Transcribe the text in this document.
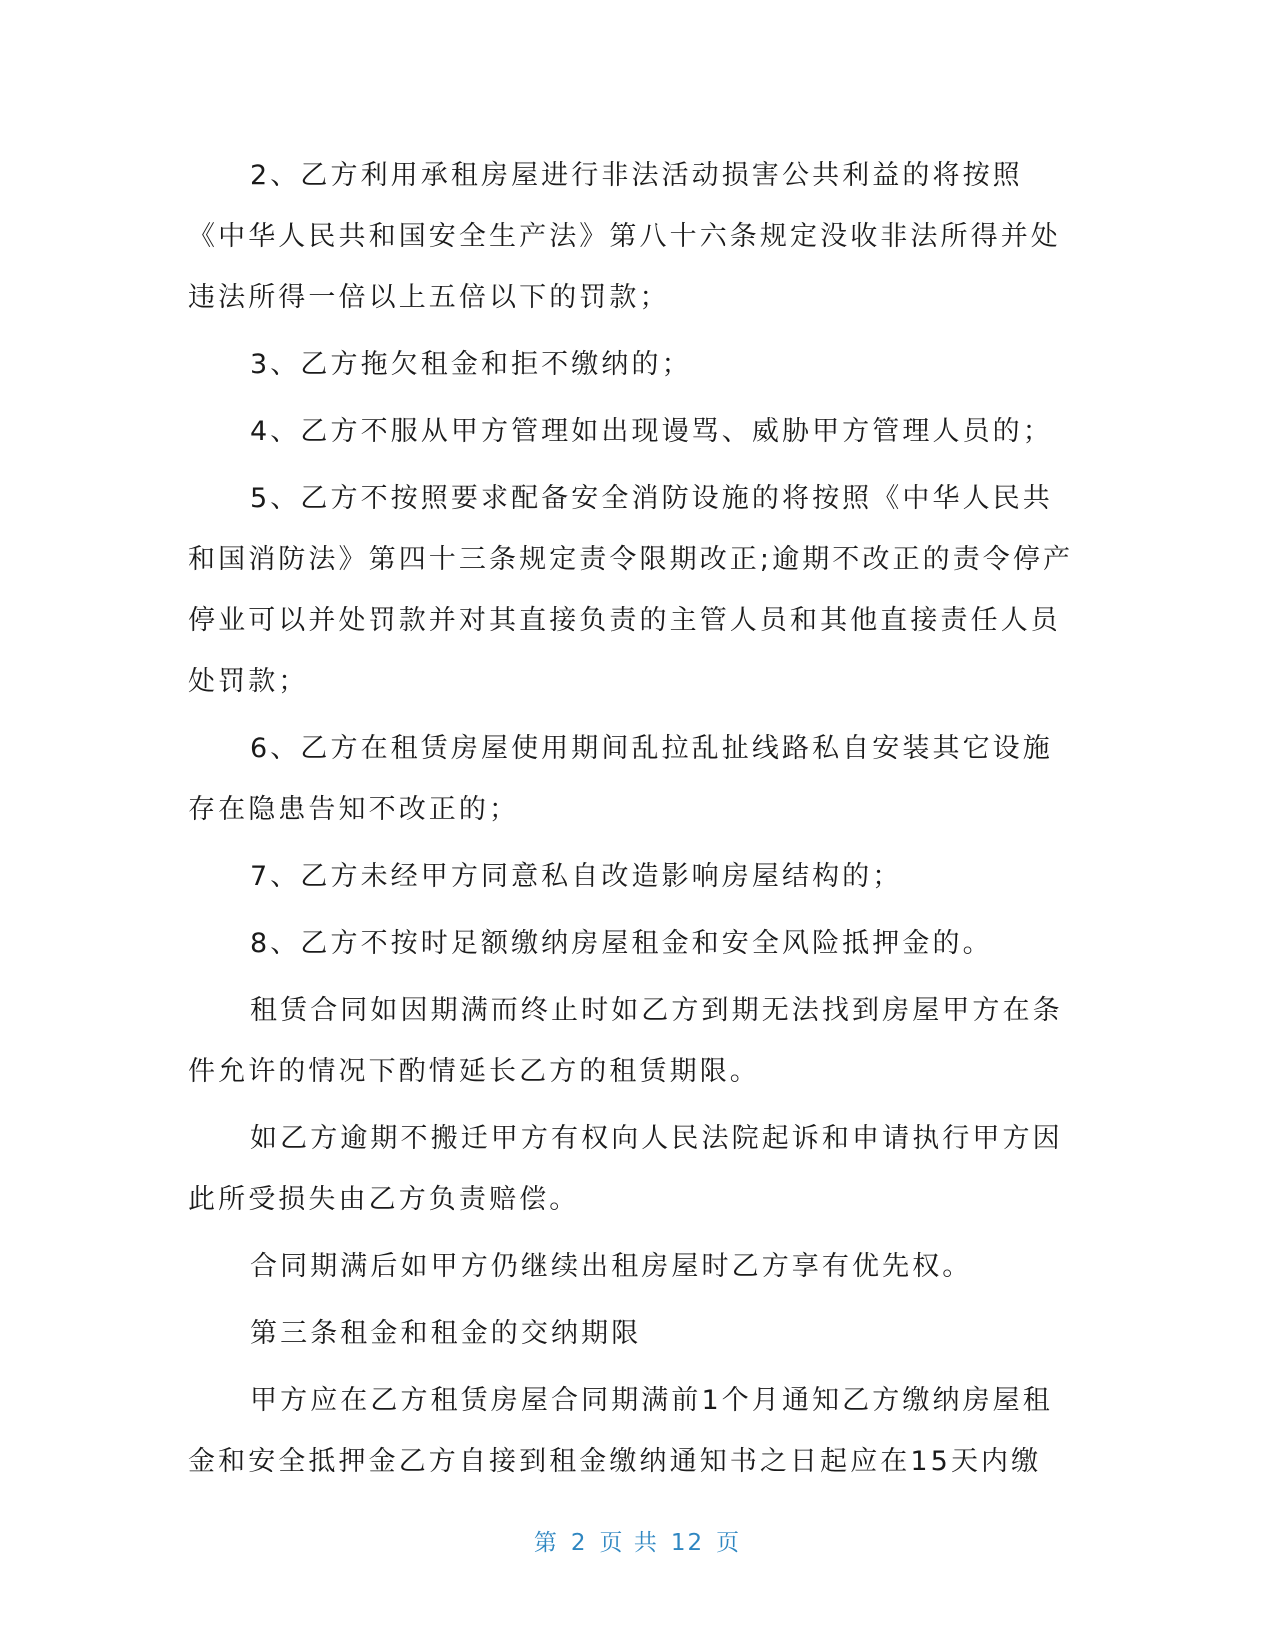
2、乙方利用承租房屋进行非法活动损害公共利益的将按照《中华人民共和国安全生产法》第八十六条规定没收非法所得并处违法所得一倍以上五倍以下的罚款；

3、乙方拖欠租金和拒不缴纳的；

4、乙方不服从甲方管理如出现谩骂、威胁甲方管理人员的；

5、乙方不按照要求配备安全消防设施的将按照《中华人民共和国消防法》第四十三条规定责令限期改正;逾期不改正的责令停产停业可以并处罚款并对其直接负责的主管人员和其他直接责任人员处罚款；

6、乙方在租赁房屋使用期间乱拉乱扯线路私自安装其它设施存在隐患告知不改正的；

7、乙方未经甲方同意私自改造影响房屋结构的；

8、乙方不按时足额缴纳房屋租金和安全风险抵押金的。

租赁合同如因期满而终止时如乙方到期无法找到房屋甲方在条件允许的情况下酌情延长乙方的租赁期限。

如乙方逾期不搬迁甲方有权向人民法院起诉和申请执行甲方因此所受损失由乙方负责赔偿。

合同期满后如甲方仍继续出租房屋时乙方享有优先权。

第三条租金和租金的交纳期限

甲方应在乙方租赁房屋合同期满前1个月通知乙方缴纳房屋租金和安全抵押金乙方自接到租金缴纳通知书之日起应在15天内缴

第 2 页 共 12 页
